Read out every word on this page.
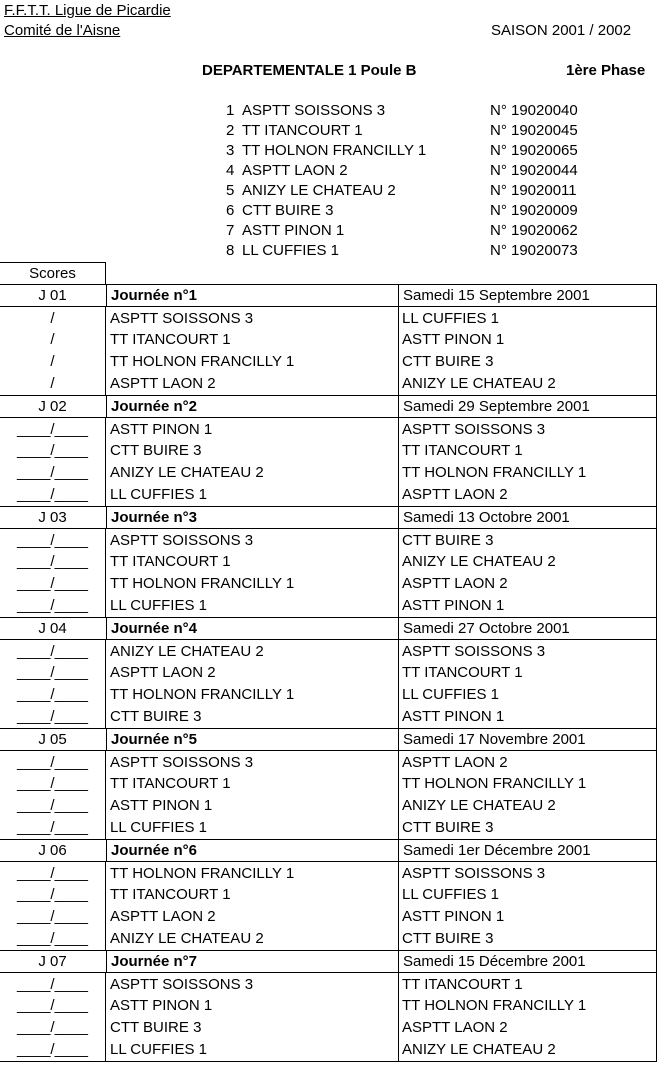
F.F.T.T. Ligue de Picardie
Comité de l'Aisne	SAISON 2001 / 2002
DEPARTEMENTALE 1 Poule B	1ère Phase
1 ASPTT SOISSONS 3	N° 19020040
2 TT ITANCOURT 1	N° 19020045
3 TT HOLNON FRANCILLY 1	N° 19020065
4 ASPTT LAON 2	N° 19020044
5 ANIZY LE CHATEAU 2	N° 19020011
6 CTT BUIRE 3	N° 19020009
7 ASTT PINON 1	N° 19020062
8 LL CUFFIES 1	N° 19020073
Scores
J 01	Journée n°1	Samedi 15 Septembre 2001
/	ASPTT SOISSONS 3	LL CUFFIES 1
/	TT ITANCOURT 1	ASTT PINON 1
/	TT HOLNON FRANCILLY 1	CTT BUIRE 3
/	ASPTT LAON 2	ANIZY LE CHATEAU 2
J 02	Journée n°2	Samedi 29 Septembre 2001
____/____	ASTT PINON 1	ASPTT SOISSONS 3
____/____	CTT BUIRE 3	TT ITANCOURT 1
____/____	ANIZY LE CHATEAU 2	TT HOLNON FRANCILLY 1
____/____	LL CUFFIES 1	ASPTT LAON 2
J 03	Journée n°3	Samedi 13 Octobre 2001
____/____	ASPTT SOISSONS 3	CTT BUIRE 3
____/____	TT ITANCOURT 1	ANIZY LE CHATEAU 2
____/____	TT HOLNON FRANCILLY 1	ASPTT LAON 2
____/____	LL CUFFIES 1	ASTT PINON 1
J 04	Journée n°4	Samedi 27 Octobre 2001
____/____	ANIZY LE CHATEAU 2	ASPTT SOISSONS 3
____/____	ASPTT LAON 2	TT ITANCOURT 1
____/____	TT HOLNON FRANCILLY 1	LL CUFFIES 1
____/____	CTT BUIRE 3	ASTT PINON 1
J 05	Journée n°5	Samedi 17 Novembre 2001
____/____	ASPTT SOISSONS 3	ASPTT LAON 2
____/____	TT ITANCOURT 1	TT HOLNON FRANCILLY 1
____/____	ASTT PINON 1	ANIZY LE CHATEAU 2
____/____	LL CUFFIES 1	CTT BUIRE 3
J 06	Journée n°6	Samedi 1er Décembre 2001
____/____	TT HOLNON FRANCILLY 1	ASPTT SOISSONS 3
____/____	TT ITANCOURT 1	LL CUFFIES 1
____/____	ASPTT LAON 2	ASTT PINON 1
____/____	ANIZY LE CHATEAU 2	CTT BUIRE 3
J 07	Journée n°7	Samedi 15 Décembre 2001
____/____	ASPTT SOISSONS 3	TT ITANCOURT 1
____/____	ASTT PINON 1	TT HOLNON FRANCILLY 1
____/____	CTT BUIRE 3	ASPTT LAON 2
____/____	LL CUFFIES 1	ANIZY LE CHATEAU 2
